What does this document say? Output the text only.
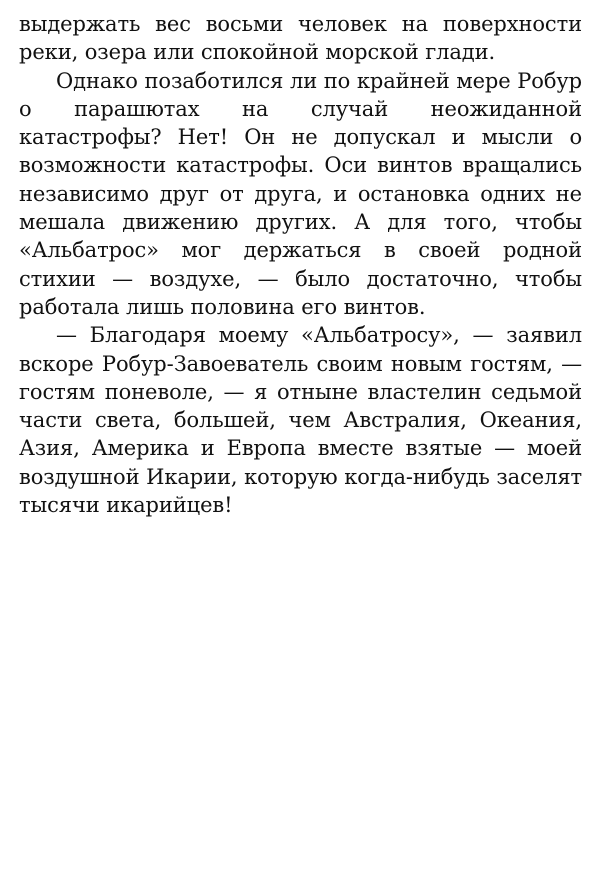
выдержать вес восьми человек на поверхности реки, озера или спокойной морской глади.

Однако позаботился ли по крайней мере Робур о парашютах на случай неожиданной катастрофы? Нет! Он не допускал и мысли о возможности катастрофы. Оси винтов вращались независимо друг от друга, и остановка одних не мешала движению других. А для того, чтобы «Альбатрос» мог держаться в своей родной стихии — воздухе, — было достаточно, чтобы работала лишь половина его винтов.

— Благодаря моему «Альбатросу», — заявил вскоре Робур-Завоеватель своим новым гостям, — гостям поневоле, — я отныне властелин седьмой части света, большей, чем Австралия, Океания, Азия, Америка и Европа вместе взятые — моей воздушной Икарии, которую когда-нибудь заселят тысячи икарийцев!
